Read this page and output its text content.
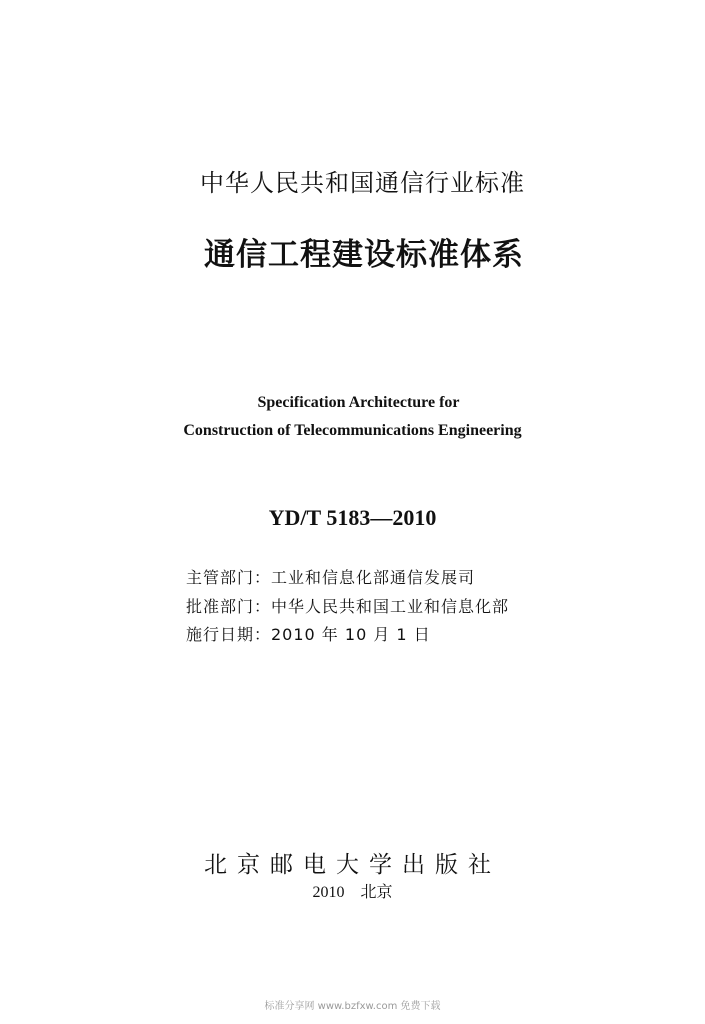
中华人民共和国通信行业标准
通信工程建设标准体系
Specification Architecture for
Construction of Telecommunications Engineering
YD/T 5183—2010
主管部门：工业和信息化部通信发展司
批准部门：中华人民共和国工业和信息化部
施行日期：2010 年 10 月 1 日
北京邮电大学出版社
2010　北京
标准分享网 www.bzfxw.com 免费下载
